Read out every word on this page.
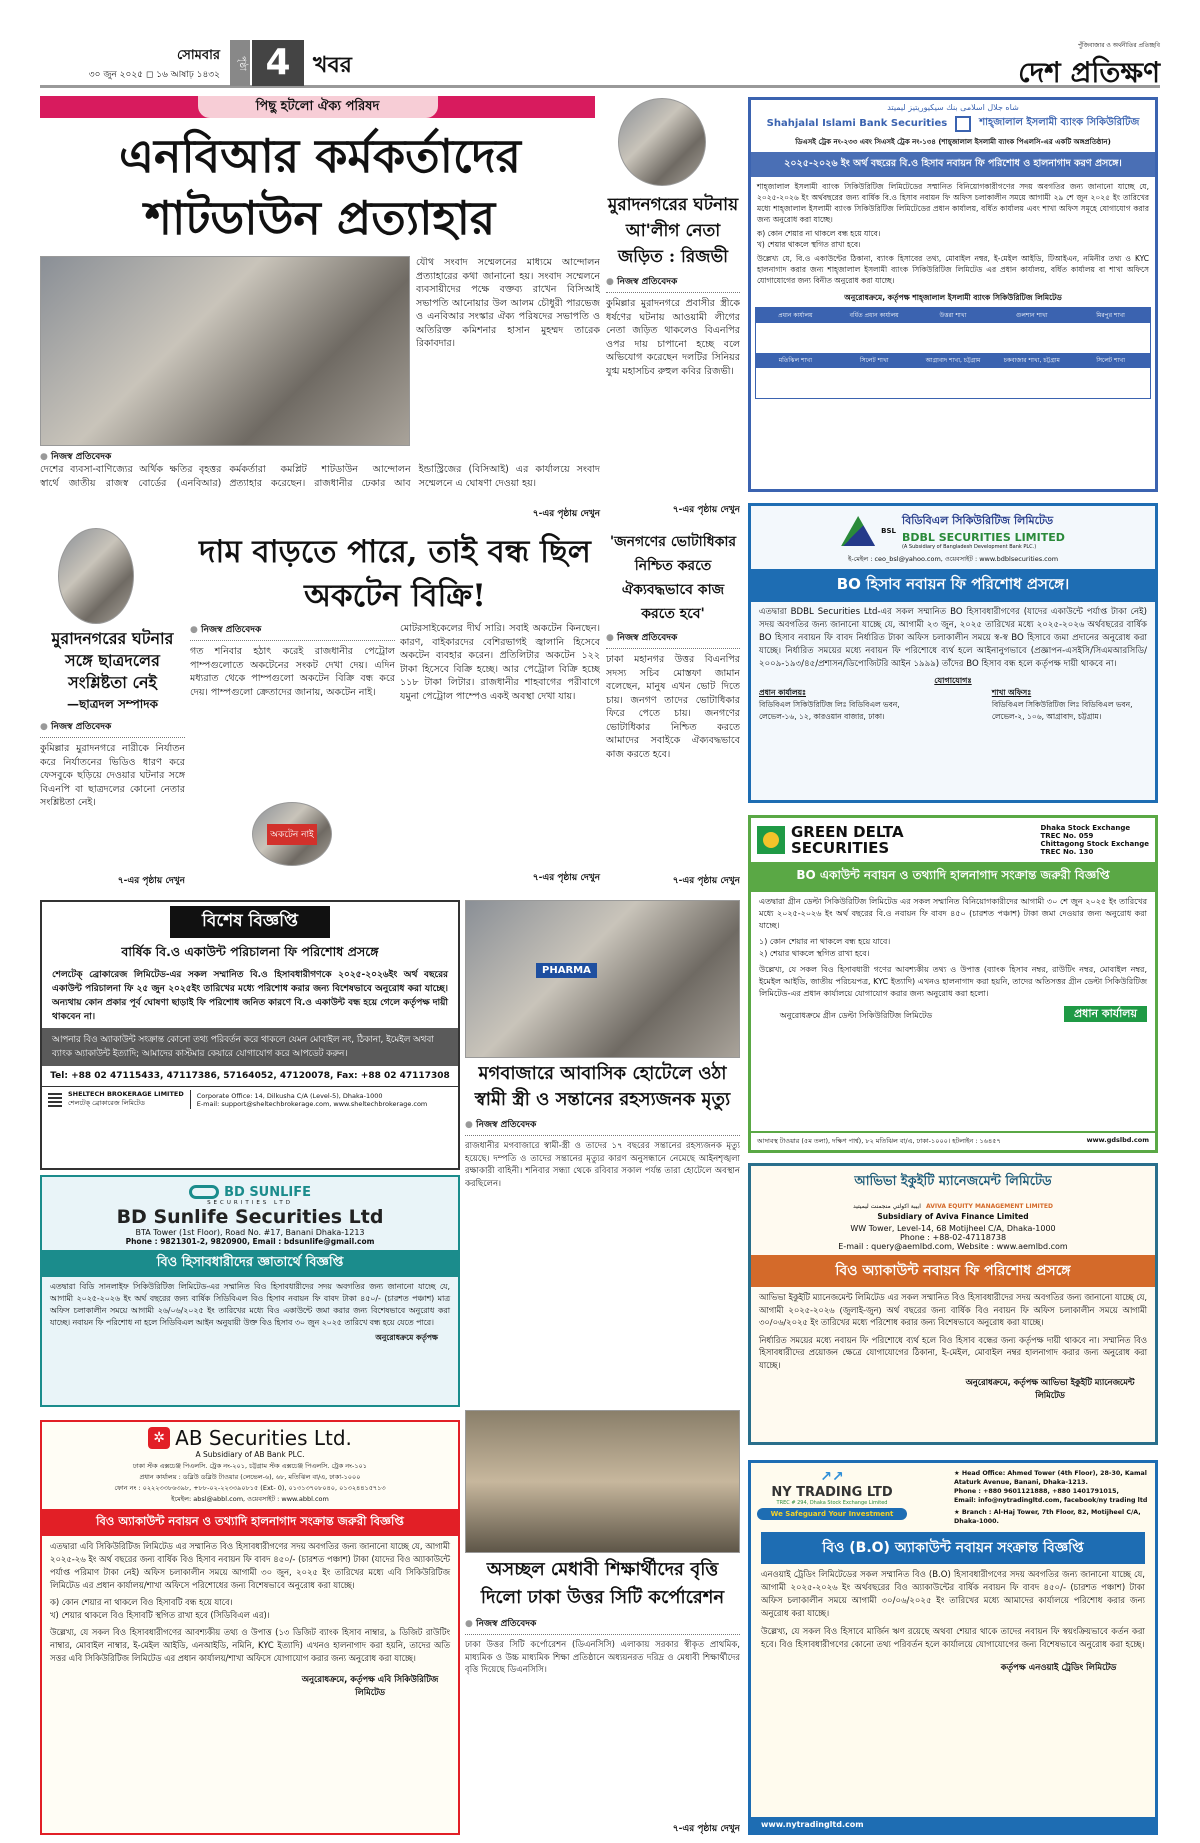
সোমবার
৩০ জুন ২০২৫ ◻ ১৬ আষাঢ় ১৪৩২
পৃষ্ঠা 4	খবর
পুঁজিবাজার ও অর্থনীতির প্রতিচ্ছবি
দেশ প্রতিক্ষণ
পিছু হটলো ঐক্য পরিষদ
এনবিআর কর্মকর্তাদের শাটডাউন প্রত্যাহার
● নিজস্ব প্রতিবেদক
যৌথ সংবাদ সম্মেলনের মাধ্যমে আন্দোলন প্রত্যাহারের কথা জানানো হয়। সংবাদ সম্মেলনে ব্যবসায়ীদের পক্ষে বক্তব্য রাখেন বিসিআই সভাপতি আনোয়ার উল আলম চৌধুরী পারভেজ ও এনবিআর সংস্কার ঐক্য পরিষদের সভাপতি ও অতিরিক্ত কমিশনার হাসান মুহম্মদ তারেক রিকাবদার।
দেশের ব্যবসা-বাণিজ্যের অর্থিক ক্ষতির বৃহত্তর স্বার্থে জাতীয় রাজস্ব বোর্ডের (এনবিআর) কর্মকর্তারা কমপ্লিট শাটডাউন আন্দোলন প্রত্যাহার করেছেন। রাজধানীর ঢেকার আব ইন্ডাস্ট্রিজের (বিসিআই) এর কার্যালয়ে সংবাদ সম্মেলনে এ ঘোষণা দেওয়া হয়।
৭-এর পৃষ্ঠায় দেখুন
মুরাদনগরের ঘটনায় আ'লীগ নেতা জড়িত : রিজভী
● নিজস্ব প্রতিবেদক
কুমিল্লার মুরাদনগরে প্রবাসীর স্ত্রীকে ধর্ষণের ঘটনায় আওয়ামী লীগের নেতা জড়িত থাকলেও বিএনপির ওপর দায় চাপানো হচ্ছে বলে অভিযোগ করেছেন দলটির সিনিয়র যুগ্ম মহাসচিব রুহুল কবির রিজভী।
৭-এর পৃষ্ঠায় দেখুন
মুরাদনগরের ঘটনার সঙ্গে ছাত্রদলের সংশ্লিষ্টতা নেই
—ছাত্রদল সম্পাদক
● নিজস্ব প্রতিবেদক
কুমিল্লার মুরাদনগরে নারীকে নির্যাতন করে নির্যাতনের ভিডিও ধারণ করে ফেসবুকে ছড়িয়ে দেওয়ার ঘটনার সঙ্গে বিএনপি বা ছাত্রদলের কোনো নেতার সংশ্লিষ্টতা নেই।
৭-এর পৃষ্ঠায় দেখুন
দাম বাড়তে পারে, তাই বন্ধ ছিল অকটেন বিক্রি!
● নিজস্ব প্রতিবেদক
গত শনিবার হঠাৎ করেই রাজধানীর পেট্রোল পাম্পগুলোতে অকটেনের সংকট দেখা দেয়। এদিন মধ্যরাত থেকে পাম্পগুলো অকটেন বিক্রি বন্ধ করে দেয়। পাম্পগুলো ক্রেতাদের জানায়, অকটেন নাই।
অকটেন নাই
মোটরসাইকেলের দীর্ঘ সারি। সবাই অকটেন কিনছেন। কারণ, বাইকারদের বেশিরভাগই জ্বালানি হিসেবে অকটেন ব্যবহার করেন। প্রতিলিটার অকটেন ১২২ টাকা হিসেবে বিক্রি হচ্ছে। আর পেট্রোল বিক্রি হচ্ছে ১১৮ টাকা লিটার। রাজধানীর শাহবাগের পরীবাগে যমুনা পেট্রোল পাম্পেও একই অবস্থা দেখা যায়।
৭-এর পৃষ্ঠায় দেখুন
'জনগণের ভোটাধিকার নিশ্চিত করতে ঐক্যবদ্ধভাবে কাজ করতে হবে'
● নিজস্ব প্রতিবেদক
ঢাকা মহানগর উত্তর বিএনপির সদস্য সচিব মোস্তফা জামান বলেছেন, মানুষ এখন ভোট দিতে চায়। জনগণ তাদের ভোটাধিকার ফিরে পেতে চায়। জনগণের ভোটাধিকার নিশ্চিত করতে আমাদের সবাইকে ঐক্যবদ্ধভাবে কাজ করতে হবে।
৭-এর পৃষ্ঠায় দেখুন
شاه جلال اسلامى بنك سيكيوريتيز ليميتد
Shahjalal Islami Bank Securities	শাহ্জালাল ইসলামী ব্যাংক সিকিউরিটিজ
ডিএসই ট্রেক নং-২৩৩ এবং সিএসই ট্রেক নং-১৩৪ (শাহ্জালাল ইসলামী ব্যাংক পিএলসি-এর একটি অঙ্গপ্রতিষ্ঠান)
২০২৫-২০২৬ ইং অর্থ বছরের বি.ও হিসাব নবায়ন ফি পরিশোধ ও হালনাগাদ করণ প্রসঙ্গে।
শাহ্জালাল ইসলামী ব্যাংক সিকিউরিটিজ লিমিটেডের সম্মানিত বিনিয়োগকারীগণের সদয় অবগতির জন্য জানানো যাচ্ছে যে, ২০২৫-২০২৬ ইং অর্থবছরের জন্য বার্ষিক বি.ও হিসাব নবায়ন ফি অফিস চলাকালীন সময়ে আগামী ২৯ শে জুন ২০২৫ ইং তারিখের মধ্যে শাহ্জালাল ইসলামী ব্যাংক সিকিউরিটিজ লিমিটেডের প্রধান কার্যালয়, বর্ধিত কার্যালয় এবং শাখা অফিস সমূহে যোগাযোগ করার জন্য অনুরোধ করা যাচ্ছে।
ক) কোন শেয়ার না থাকলে বন্ধ হয়ে যাবে।
খ) শেয়ার থাকলে স্থগিত রাখা হবে।
উল্লেখ্য যে, বি.ও একাউন্টের ঠিকানা, ব্যাংক হিসাবের তথ্য, মোবাইল নম্বর, ই-মেইল আইডি, টিআইএন, নমিনীর তথ্য ও KYC হালনাগাদ করার জন্য শাহ্জালাল ইসলামী ব্যাংক সিকিউরিটিজ লিমিটেড এর প্রধান কার্যালয়, বর্ধিত কার্যালয় বা শাখা অফিসে যোগাযোগের জন্য বিনীত অনুরোধ করা যাচ্ছে।
অনুরোধক্রমে, কর্তৃপক্ষ শাহ্জালাল ইসলামী ব্যাংক সিকিউরিটিজ লিমিটেড
প্রধান কার্যালয়	বর্ধিত প্রধান কার্যালয়	উত্তরা শাখা	গুলশান শাখা	মিরপুর শাখা
মতিঝিল শাখা	সিলেট শাখা	আগ্রাবাদ শাখা, চট্টগ্রাম	চকবাজার শাখা, চট্টগ্রাম	সিলেট শাখা
BSL
বিডিবিএল সিকিউরিটিজ লিমিটেড
BDBL SECURITIES LIMITED
(A Subsidiary of Bangladesh Development Bank PLC.)
ই-মেইল : ceo_bsl@yahoo.com, ওয়েবসাইট : www.bdblsecurities.com
BO হিসাব নবায়ন ফি পরিশোধ প্রসঙ্গে।
এতদ্বারা BDBL Securities Ltd-এর সকল সম্মানিত BO হিসাবধারীগণের (যাদের একাউন্টে পর্যাপ্ত টাকা নেই) সদয় অবগতির জন্য জানানো যাচ্ছে যে, আগামী ২৩ জুন, ২০২৫ তারিখের মধ্যে ২০২৫-২০২৬ অর্থবছরের বার্ষিক BO হিসাব নবায়ন ফি বাবদ নির্ধারিত টাকা অফিস চলাকালীন সময়ে স্ব-স্ব BO হিসাবে জমা প্রদানের অনুরোধ করা যাচ্ছে। নির্ধারিত সময়ের মধ্যে নবায়ন ফি পরিশোধে ব্যর্থ হলে আইনানুগভাবে (প্রজ্ঞাপন-এসইসি/সিএমআরসিডি/ ২০০৯-১৯৩/৪৫/প্রশাসন/ডিপোজিটরি আইন ১৯৯৯) তাঁদের BO হিসাব বন্ধ হলে কর্তৃপক্ষ দায়ী থাকবে না।
যোগাযোগঃ
প্রধান কার্যালয়ঃ
বিডিবিএল সিকিউরিটিজ লিঃ বিডিবিএল ভবন, লেভেল-১৬, ১২, কারওয়ান বাজার, ঢাকা।
শাখা অফিসঃ
বিডিবিএল সিকিউরিটিজ লিঃ বিডিবিএল ভবন, লেভেল-২, ১০৬, আগ্রাবাদ, চট্টগ্রাম।
GREEN DELTA SECURITIES
Dhaka Stock Exchange
TREC No. 059
Chittagong Stock Exchange
TREC No. 130
BO একাউন্ট নবায়ন ও তথ্যাদি হালনাগাদ সংক্রান্ত জরুরী বিজ্ঞপ্তি
এতদ্বারা গ্রীন ডেল্টা সিকিউরিটিজ লিমিটেড এর সকল সম্মানিত বিনিয়োগকারীদের আগামী ৩০ শে জুন ২০২৫ ইং তারিখের মধ্যে ২০২৫-২০২৬ ইং অর্থ বছরের বি.ও নবায়ন ফি বাবদ ৪৫০ (চারশত পঞ্চাশ) টাকা জমা দেওয়ার জন্য অনুরোধ করা যাচ্ছে।
১) কোন শেয়ার না থাকলে বন্ধ হয়ে যাবে।
২) শেয়ার থাকলে স্থগিত রাখা হবে।
উল্লেখ্য, যে সকল বিও হিসাবধারী গণের আবশ্যকীয় তথ্য ও উপাত্ত (ব্যাংক হিসাব নম্বর, রাউটিং নম্বর, মোবাইল নম্বর, ইমেইল আইডি, জাতীয় পরিচয়পত্র, KYC ইত্যাদি) এখনও হালনাগাদ করা হয়নি, তাদের অতিসত্তর গ্রীন ডেল্টা সিকিউরিটিজ লিমিটেড-এর প্রধান কার্যালয়ে যোগাযোগ করার জন্য অনুরোধ করা হলো।
অনুরোধক্রমে গ্রীন ডেল্টা সিকিউরিটিজ লিমিটেড	প্রধান কার্যালয়
আদাবস্থ টাওয়ার (৫ম তলা), দক্ষিণ পার্শ্ব), ৮২ মতিঝিল বা/এ, ঢাকা-১০০০। হটলাইন : ১৬৪৫৭	www.gdslbd.com
আভিভা ইকুইটি ম্যানেজমেন্ট লিমিটেড
ابيبة اكولتي منجمنت ليميتيد AVIVA EQUITY MANAGEMENT LIMITED
Subsidiary of Aviva Finance Limited
WW Tower, Level-14, 68 Motijheel C/A, Dhaka-1000
Phone : +88-02-47118738
E-mail : query@aemlbd.com, Website : www.aemlbd.com
বিও অ্যাকাউন্ট নবায়ন ফি পরিশোধ প্রসঙ্গে
আভিভা ইকুইটি ম্যানেজমেন্ট লিমিটেড এর সকল সম্মানিত বিও হিসাবধারীদের সদয় অবগতির জন্য জানানো যাচ্ছে যে, আগামী ২০২৫-২০২৬ (জুলাই-জুন) অর্থ বছরের জন্য বার্ষিক বিও নবায়ন ফি অফিস চলাকালীন সময়ে আগামী ৩০/০৬/২০২৫ ইং তারিখের মধ্যে পরিশোধ করার জন্য বিশেষভাবে অনুরোধ করা যাচ্ছে।
নির্ধারিত সময়ের মধ্যে নবায়ন ফি পরিশোধে ব্যর্থ হলে বিও হিসাব বন্ধের জন্য কর্তৃপক্ষ দায়ী থাকবে না। সম্মানিত বিও হিসাবধারীদের প্রয়োজন ক্ষেত্রে যোগাযোগের ঠিকানা, ই-মেইল, মোবাইল নম্বর হালনাগাদ করার জন্য অনুরোধ করা যাচ্ছে।
অনুরোধক্রমে, কর্তৃপক্ষ আভিভা ইকুইটি ম্যানেজমেন্ট লিমিটেড
↗↗
NY TRADING LTD
TREC # 294, Dhaka Stock Exchange Limited
We Safeguard Your Investment
★ Head Office: Ahmed Tower (4th Floor), 28-30, Kamal Ataturk Avenue, Banani, Dhaka-1213.
Phone : +880 9601121888, +880 1401791015,
Email: info@nytradingltd.com, facebook/ny trading ltd
★ Branch : Al-Haj Tower, 7th Floor, 82, Motijheel C/A, Dhaka-1000.
বিও (B.O) অ্যাকাউন্ট নবায়ন সংক্রান্ত বিজ্ঞপ্তি
এনওয়াই ট্রেডিং লিমিটেডের সকল সম্মানিত বিও (B.O) হিসাবধারীগণের সদয় অবগতির জন্য জানানো যাচ্ছে যে, আগামী ২০২৫-২০২৬ ইং অর্থবছরের বিও অ্যাকাউন্টের বার্ষিক নবায়ন ফি বাবদ ৪৫০/- (চারশত পঞ্চাশ) টাকা অফিস চলাকালীন সময়ে আগামী ৩০/০৬/২০২৫ ইং তারিখের মধ্যে আমাদের কার্যালয়ে পরিশোধ করার জন্য অনুরোধ করা যাচ্ছে।
উল্লেখ্য, যে সকল বিও হিসাবে মার্জিন ঋণ রয়েছে অথবা শেয়ার থাকে তাদের নবায়ন ফি স্বয়ংক্রিয়ভাবে কর্তন করা হবে। বিও হিসাবধারীগণের কোনো তথ্য পরিবর্তন হলে কার্যালয়ে যোগাযোগের জন্য বিশেষভাবে অনুরোধ করা হচ্ছে।
কর্তৃপক্ষ এনওয়াই ট্রেডিং লিমিটেড
www.nytradingltd.com
বিশেষ বিজ্ঞপ্তি
বার্ষিক বি.ও একাউন্ট পরিচালনা ফি পরিশোধ প্রসঙ্গে
শেলটেক্ ব্রোকারেজ লিমিটেড-এর সকল সম্মানিত বি.ও হিসাবধারীগণকে ২০২৫-২০২৬ইং অর্থ বছরের একাউন্ট পরিচালনা ফি ২৫ জুন ২০২৫ইং তারিখের মধ্যে পরিশোধ করার জন্য বিশেষভাবে অনুরোধ করা যাচ্ছে। অন্যথায় কোন প্রকার পূর্ব ঘোষণা ছাড়াই ফি পরিশোধ জনিত কারণে বি.ও একাউন্ট বন্ধ হয়ে গেলে কর্তৃপক্ষ দায়ী থাকবেন না।
আপনার বিও অ্যাকাউন্ট সংক্রান্ত কোনো তথ্য পরিবর্তন করে থাকলে যেমন মোবাইল নং, ঠিকানা, ইমেইল অথবা ব্যাংক অ্যাকাউন্ট ইত্যাদি; আমাদের কাস্টমার কেয়ারে যোগাযোগ করে আপডেট করুন।
Tel: +88 02 47115433, 47117386, 57164052, 47120078, Fax: +88 02 47117308
SHELTECH BROKERAGE LIMITED
শেলটেক্ ব্রোকারেজ লিমিটেড
Corporate Office: 14, Dilkusha C/A (Level-5), Dhaka-1000
E-mail: support@sheltechbrokerage.com, www.sheltechbrokerage.com
BD SUNLIFE
SECURITIES LTD
BD Sunlife Securities Ltd
BTA Tower (1st Floor), Road No. #17, Banani Dhaka-1213
Phone : 9821301-2, 9820900, Email : bdsunlife@gmail.com
বিও হিসাবধারীদের জ্ঞাতার্থে বিজ্ঞপ্তি
এতদ্বারা বিডি সানলাইফ সিকিউরিটিজ লিমিটেড-এর সম্মানিত বিও হিসাবধারীদের সদয় অবগতির জন্য জানানো যাচ্ছে যে, আগামী ২০২৫-২০২৬ ইং অর্থ বছরের জন্য বার্ষিক সিডিবিএল বিও হিসাব নবায়ন ফি বাবদ টাকা ৪৫০/- (চারশত পঞ্চাশ) মাত্র অফিস চলাকালীন সময়ে আগামী ২৬/০৬/২০২৫ ইং তারিখের মধ্যে বিও একাউন্টে জমা করার জন্য বিশেষভাবে অনুরোধ করা যাচ্ছে। নবায়ন ফি পরিশোধ না হলে সিডিবিএল আইন অনুযায়ী উক্ত বিও হিসাব ৩০ জুন ২০২৫ তারিখে বন্ধ হয়ে যেতে পারে।
অনুরোধক্রমে কর্তৃপক্ষ
✲ AB Securities Ltd.
A Subsidiary of AB Bank PLC.
ঢাকা স্টক এক্সচেঞ্জ পিএলসি. ট্রেক নং-২০১, চট্টগ্রাম স্টক এক্সচেঞ্জ পিএলসি. ট্রেক নং-১০১
প্রধান কার্যালয় : ডব্লিউ ডব্লিউ টাওয়ার (লেভেল-৬), ৬৮, মতিঝিল বা/এ, ঢাকা-১০০০
ফোন নং : ০২২২৩৩৮৬৩৯৮, +৮৮-০২-২২৩৩৯০৮১৫ (Ext- 0), ০১৩১৩৭০৮০৪০, ০১৩২৪৪১৫৭১৩
ইমেইল: absl@abbl.com, ওয়েবসাইট : www.abbl.com
বিও অ্যাকাউন্ট নবায়ন ও তথ্যাদি হালনাগাদ সংক্রান্ত জরুরী বিজ্ঞপ্তি
এতদ্বারা এবি সিকিউরিটিজ লিমিটেড এর সম্মানিত বিও হিসাবধারীগণের সদয় অবগতির জন্য জানানো যাচ্ছে যে, আগামী ২০২৫-২৬ ইং অর্থ বছরের জন্য বার্ষিক বিও হিসাব নবায়ন ফি বাবদ ৪৫০/- (চারশত পঞ্চাশ) টাকা (যাদের বিও অ্যাকাউন্টে পর্যাপ্ত পরিমাণ টাকা নেই) অফিস চলাকালীন সময়ে আগামী ৩০ জুন, ২০২৫ ইং তারিখের মধ্যে এবি সিকিউরিটিজ লিমিটেড এর প্রধান কার্যালয়/শাখা অফিসে পরিশোধের জন্য বিশেষভাবে অনুরোধ করা যাচ্ছে।
ক) কোন শেয়ার না থাকলে বিও হিসাবটি বন্ধ হয়ে যাবে।
খ) শেয়ার থাকলে বিও হিসাবটি স্থগিত রাখা হবে (সিডিবিএল এর)।
উল্লেখ্য, যে সকল বিও হিসাবধারীগণের আবশ্যকীয় তথ্য ও উপাত্ত (১৩ ডিজিট ব্যাংক হিসাব নাম্বার, ৯ ডিজিট রাউটিং নাম্বার, মোবাইল নাম্বার, ই-মেইল আইডি, এনআইডি, নমিনি, KYC ইত্যাদি) এখনও হালনাগাদ করা হয়নি, তাদের অতি সত্তর এবি সিকিউরিটিজ লিমিটেড এর প্রধান কার্যালয়/শাখা অফিসে যোগাযোগ করার জন্য অনুরোধ করা যাচ্ছে।
অনুরোধক্রমে, কর্তৃপক্ষ এবি সিকিউরিটিজ লিমিটেড
PHARMA
মগবাজারে আবাসিক হোটেলে ওঠা স্বামী স্ত্রী ও সন্তানের রহস্যজনক মৃত্যু
● নিজস্ব প্রতিবেদক
রাজধানীর মগবাজারে স্বামী-স্ত্রী ও তাদের ১৭ বছরের সন্তানের রহস্যজনক মৃত্যু হয়েছে। দম্পতি ও তাদের সন্তানের মৃত্যুর কারণ অনুসন্ধানে নেমেছে আইনশৃঙ্খলা রক্ষাকারী বাহিনী। শনিবার সন্ধ্যা থেকে রবিবার সকাল পর্যন্ত তারা হোটেলে অবস্থান করছিলেন।
অসচ্ছল মেধাবী শিক্ষার্থীদের বৃত্তি দিলো ঢাকা উত্তর সিটি কর্পোরেশন
● নিজস্ব প্রতিবেদক
ঢাকা উত্তর সিটি কর্পোরেশন (ডিএনসিসি) এলাকায় সরকার স্বীকৃত প্রাথমিক, মাধ্যমিক ও উচ্চ মাধ্যমিক শিক্ষা প্রতিষ্ঠানে অধ্যয়নরত দরিদ্র ও মেধাবী শিক্ষার্থীদের বৃত্তি দিয়েছে ডিএনসিসি।
৭-এর পৃষ্ঠায় দেখুন
